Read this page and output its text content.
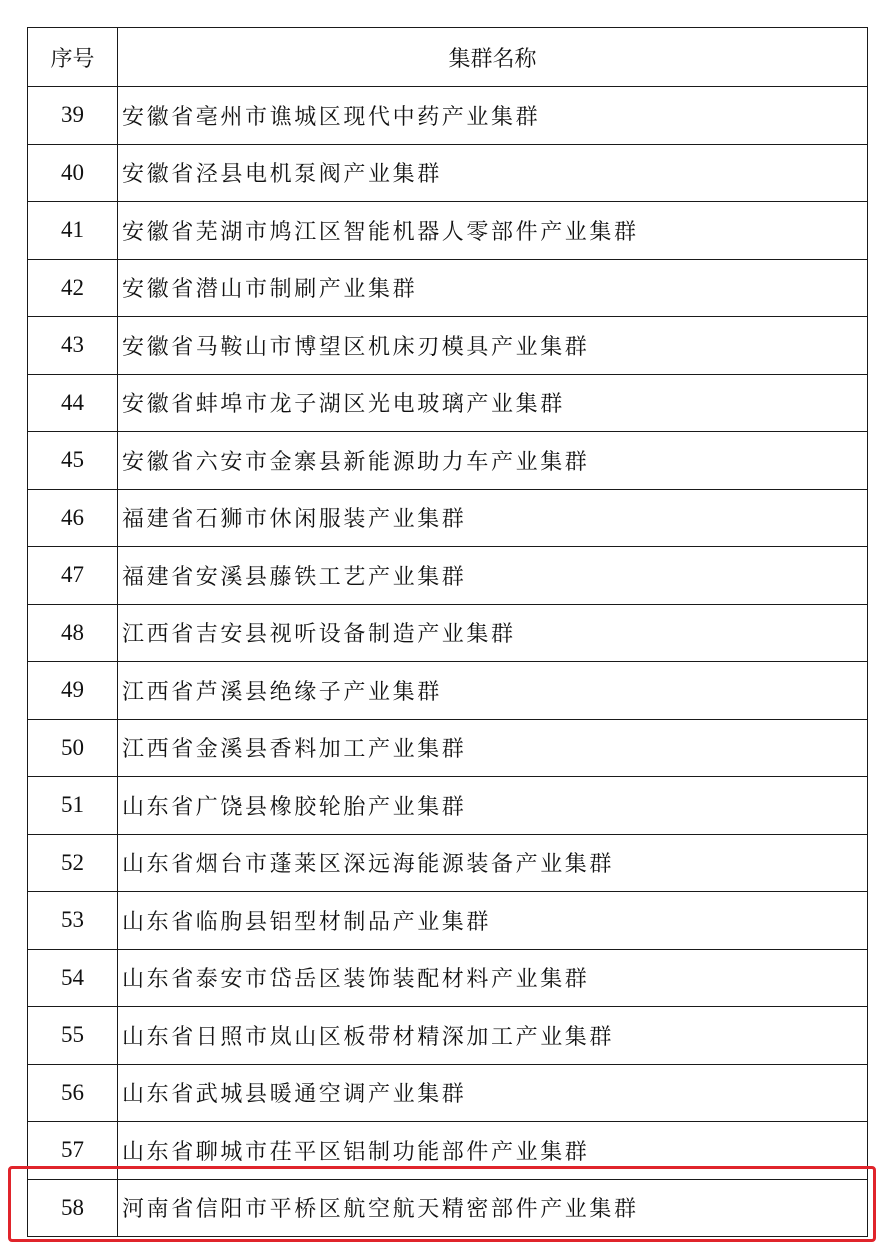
序号	集群名称
39	安徽省亳州市谯城区现代中药产业集群
40	安徽省泾县电机泵阀产业集群
41	安徽省芜湖市鸠江区智能机器人零部件产业集群
42	安徽省潜山市制刷产业集群
43	安徽省马鞍山市博望区机床刃模具产业集群
44	安徽省蚌埠市龙子湖区光电玻璃产业集群
45	安徽省六安市金寨县新能源助力车产业集群
46	福建省石狮市休闲服装产业集群
47	福建省安溪县藤铁工艺产业集群
48	江西省吉安县视听设备制造产业集群
49	江西省芦溪县绝缘子产业集群
50	江西省金溪县香料加工产业集群
51	山东省广饶县橡胶轮胎产业集群
52	山东省烟台市蓬莱区深远海能源装备产业集群
53	山东省临朐县铝型材制品产业集群
54	山东省泰安市岱岳区装饰装配材料产业集群
55	山东省日照市岚山区板带材精深加工产业集群
56	山东省武城县暖通空调产业集群
57	山东省聊城市茌平区铝制功能部件产业集群
58	河南省信阳市平桥区航空航天精密部件产业集群
